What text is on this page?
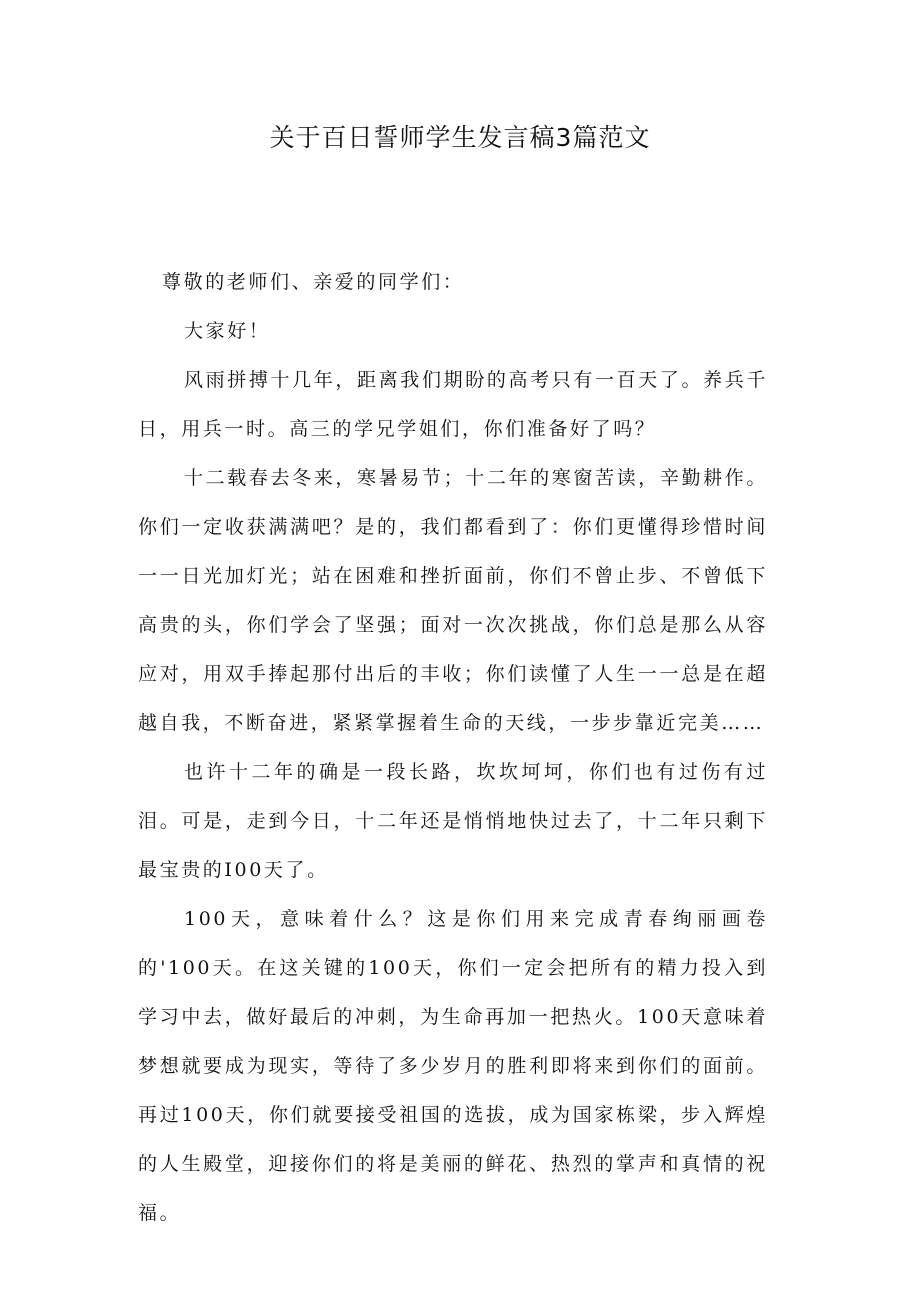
关于百日誓师学生发言稿3篇范文

尊敬的老师们、亲爱的同学们：

大家好！

风雨拼搏十几年，距离我们期盼的高考只有一百天了。养兵千日，用兵一时。高三的学兄学姐们，你们准备好了吗？

十二载春去冬来，寒暑易节；十二年的寒窗苦读，辛勤耕作。你们一定收获满满吧？是的，我们都看到了：你们更懂得珍惜时间一一日光加灯光；站在困难和挫折面前，你们不曾止步、不曾低下高贵的头，你们学会了坚强；面对一次次挑战，你们总是那么从容应对，用双手捧起那付出后的丰收；你们读懂了人生一一总是在超越自我，不断奋进，紧紧掌握着生命的天线，一步步靠近完美……

也许十二年的确是一段长路，坎坎坷坷，你们也有过伤有过泪。可是，走到今日，十二年还是悄悄地快过去了，十二年只剩下最宝贵的I00天了。

100天，意味着什么？这是你们用来完成青春绚丽画卷的'100天。在这关键的100天，你们一定会把所有的精力投入到学习中去，做好最后的冲刺，为生命再加一把热火。100天意味着梦想就要成为现实，等待了多少岁月的胜利即将来到你们的面前。再过100天，你们就要接受祖国的选拔，成为国家栋梁，步入辉煌的人生殿堂，迎接你们的将是美丽的鲜花、热烈的掌声和真情的祝福。
